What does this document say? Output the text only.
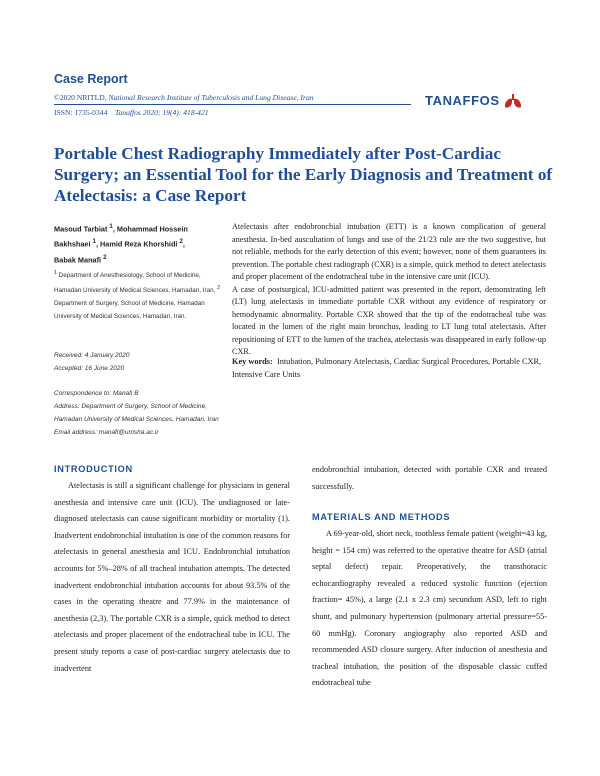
Case Report
©2020 NRITLD, National Research Institute of Tuberculosis and Lung Disease, Iran
ISSN: 1735-0344 Tanaffos 2020; 19(4): 418-421
TANAFFOS
Portable Chest Radiography Immediately after Post-Cardiac Surgery; an Essential Tool for the Early Diagnosis and Treatment of Atelectasis: a Case Report
Masoud Tarbiat $^1$, Mohammad Hossein Bakhshaei $^1$, Hamid Reza Khorshidi $^2$,
Babak Manafi $^2$
$^1$ Department of Anesthesiology, School of Medicine, Hamadan University of Medical Sciences, Hamadan, Iran, $^2$ Department of Surgery, School of Medicine, Hamadan University of Medical Sciences, Hamadan, Iran.
Received: 4 January 2020
Accepted: 16 June 2020
Correspondence to: Manafi B
Address: Department of Surgery, School of Medicine, Hamadan University of Medical Sciences, Hamadan, Iran
Email address: manafi@umsha.ac.ir

Atelectasis after endobronchial intubation (ETT) is a known complication of general anesthesia. In-bed auscultation of lungs and use of the 21/23 rule are the two suggestive, but not reliable, methods for the early detection of this event; however, none of them guarantees its prevention. The portable chest radiograph (CXR) is a simple, quick method to detect atelectasis and proper placement of the endotracheal tube in the intensive care unit (ICU).

A case of postsurgical, ICU-admitted patient was presented in the report, demonstrating left (LT) lung atelectasis in immediate portable CXR without any evidence of respiratory or hemodynamic abnormality. Portable CXR showed that the tip of the endotracheal tube was located in the lumen of the right main bronchus, leading to LT lung total atelectasis. After repositioning of ETT to the lumen of the trachea, atelectasis was disappeared in early follow-up CXR.

Key words: Intubation, Pulmonary Atelectasis, Cardiac Surgical Procedures, Portable CXR, Intensive Care Units
INTRODUCTION

Atelectasis is still a significant challenge for physicians in general anesthesia and intensive care unit (ICU). The undiagnosed or late-diagnosed atelectasis can cause significant morbidity or mortality (1). Inadvertent endobronchial intubation is one of the common reasons for atelectasis in general anesthesia and ICU. Endobronchial intubation accounts for 5%–28% of all tracheal intubation attempts. The detected inadvertent endobronchial intubation accounts for about 93.5% of the cases in the operating theatre and 77.9% in the maintenance of anesthesia (2,3). The portable CXR is a simple, quick method to detect atelectasis and proper placement of the endotracheal tube in ICU. The present study reports a case of post-cardiac surgery atelectasis due to inadvertent

endobronchial intubation, detected with portable CXR and treated successfully.

MATERIALS AND METHODS

A 69-year-old, short neck, toothless female patient (weight=43 kg, height = 154 cm) was referred to the operative theatre for ASD (atrial septal defect) repair. Preoperatively, the transthoracic echocardiography revealed a reduced systolic function (ejection fraction= 45%), a large (2.1 x 2.3 cm) secundum ASD, left to right shunt, and pulmonary hypertension (pulmonary arterial pressure=55-60 mmHg). Coronary angiography also reported ASD and recommended ASD closure surgery. After induction of anesthesia and tracheal intubation, the position of the disposable classic cuffed endotracheal tube
